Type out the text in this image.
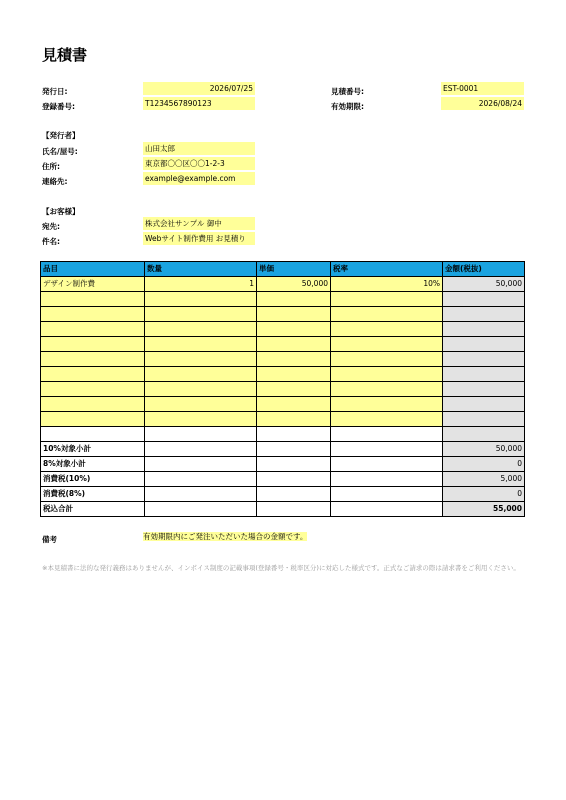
見積書
発行日:	2026/07/25
登録番号:	T1234567890123
見積番号:	EST-0001
有効期限:	2026/08/24
【発行者】
氏名/屋号:	山田太郎
住所:	東京都〇〇区〇〇1-2-3
連絡先:	example@example.com
【お客様】
宛先:	株式会社サンプル 御中
件名:	Webサイト制作費用 お見積り
品目	数量	単価	税率	金額(税抜)
デザイン制作費	1	50,000	10%	50,000

10%対象小計				50,000
8%対象小計				0
消費税(10%)				5,000
消費税(8%)				0
税込合計				55,000
備考	有効期限内にご発注いただいた場合の金額です。
※本見積書に法的な発行義務はありませんが、インボイス制度の記載事項(登録番号・税率区分)に対応した様式です。正式なご請求の際は請求書をご利用ください。
